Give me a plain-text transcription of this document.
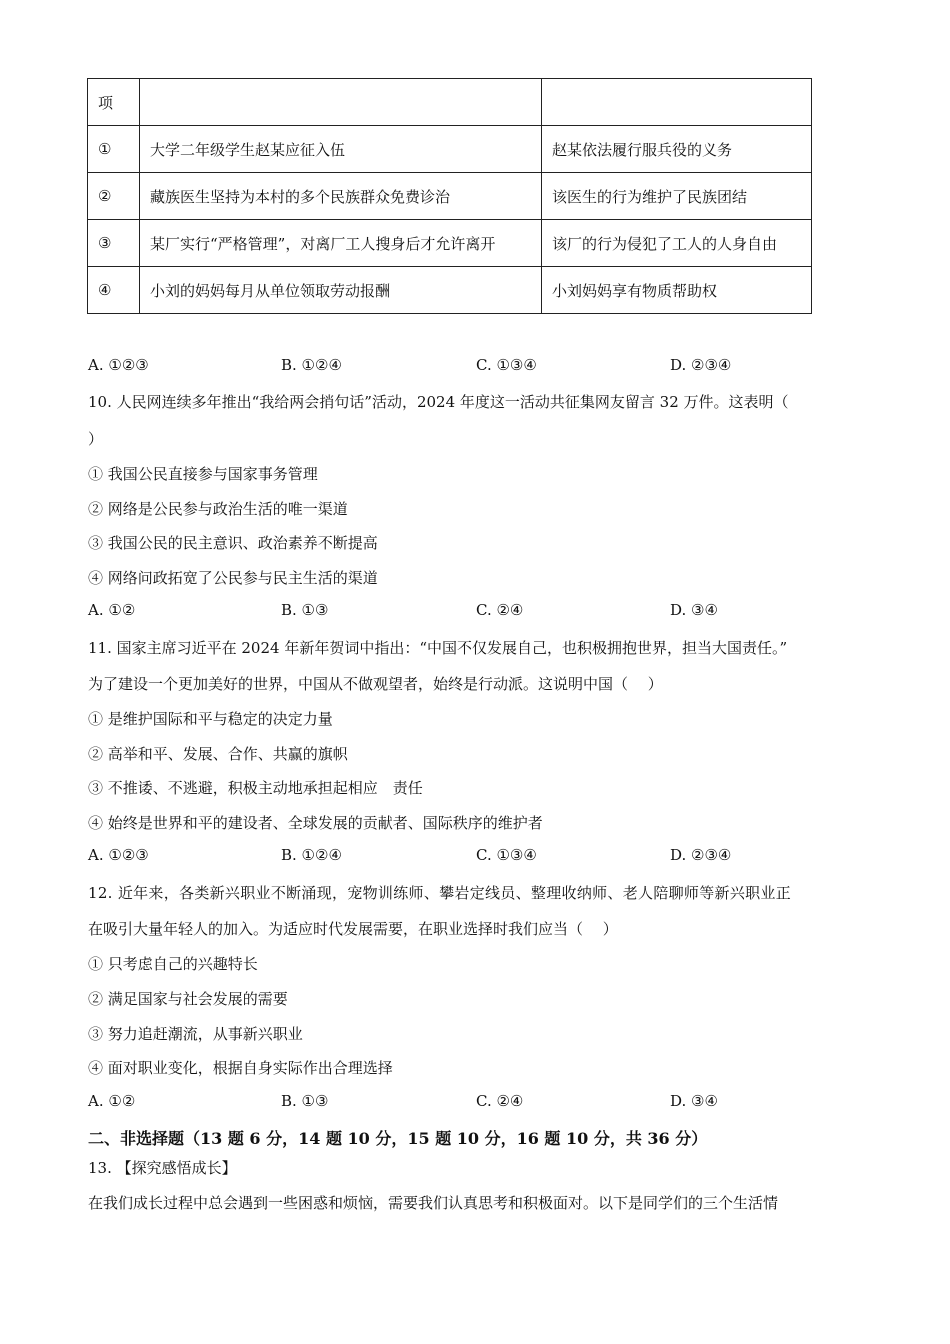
项		
①	大学二年级学生赵某应征入伍	赵某依法履行服兵役的义务
②	藏族医生坚持为本村的多个民族群众免费诊治	该医生的行为维护了民族团结
③	某厂实行“严格管理”，对离厂工人搜身后才允许离开	该厂的行为侵犯了工人的人身自由
④	小刘的妈妈每月从单位领取劳动报酬	小刘妈妈享有物质帮助权
A. ①②③	B. ①②④	C. ①③④	D. ②③④
10. 人民网连续多年推出“我给两会捎句话”活动，2024 年度这一活动共征集网友留言 32 万件。这表明（
）
① 我国公民直接参与国家事务管理
② 网络是公民参与政治生活的唯一渠道
③ 我国公民的民主意识、政治素养不断提高
④ 网络问政拓宽了公民参与民主生活的渠道
A. ①②	B. ①③	C. ②④	D. ③④
11. 国家主席习近平在 2024 年新年贺词中指出：“中国不仅发展自己，也积极拥抱世界，担当大国责任。”
为了建设一个更加美好的世界，中国从不做观望者，始终是行动派。这说明中国（　 ）
① 是维护国际和平与稳定的决定力量
② 高举和平、发展、合作、共赢的旗帜
③ 不推诿、不逃避，积极主动地承担起相应　责任
④ 始终是世界和平的建设者、全球发展的贡献者、国际秩序的维护者
A. ①②③	B. ①②④	C. ①③④	D. ②③④
12. 近年来，各类新兴职业不断涌现，宠物训练师、攀岩定线员、整理收纳师、老人陪聊师等新兴职业正
在吸引大量年轻人的加入。为适应时代发展需要，在职业选择时我们应当（　 ）
① 只考虑自己的兴趣特长
② 满足国家与社会发展的需要
③ 努力追赶潮流，从事新兴职业
④ 面对职业变化，根据自身实际作出合理选择
A. ①②	B. ①③	C. ②④	D. ③④
二、非选择题（13 题 6 分，14 题 10 分，15 题 10 分，16 题 10 分，共 36 分）
13. 【探究感悟成长】
在我们成长过程中总会遇到一些困惑和烦恼，需要我们认真思考和积极面对。以下是同学们的三个生活情
